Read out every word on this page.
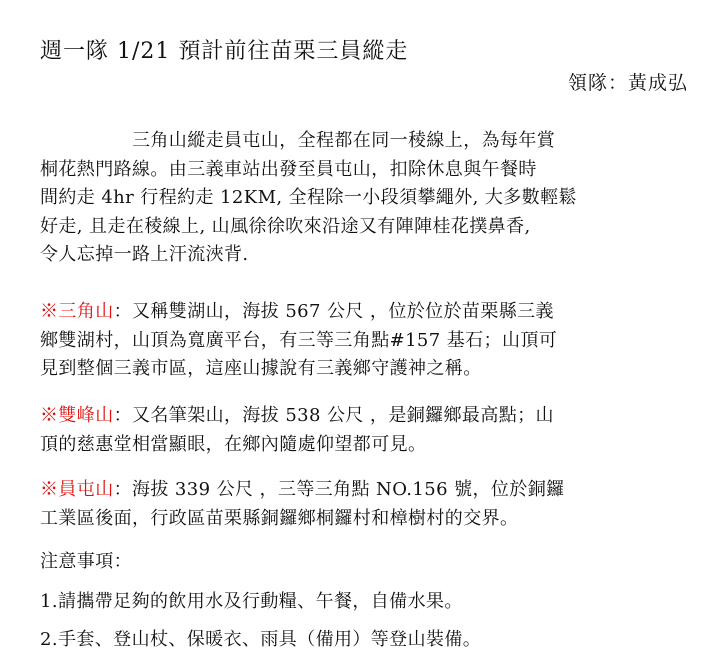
週一隊 1/21 預計前往苗栗三員縱走
領隊：黃成弘
三角山縱走員屯山，全程都在同一稜線上，為每年賞
桐花熱門路線。由三義車站出發至員屯山，扣除休息與午餐時
間約走 4hr 行程約走 12KM, 全程除一小段須攀繩外, 大多數輕鬆
好走, 且走在稜線上, 山風徐徐吹來沿途又有陣陣桂花撲鼻香,
令人忘掉一路上汗流浹背.
※三角山：又稱雙湖山，海拔 567 公尺 ，位於位於苗栗縣三義
鄉雙湖村，山頂為寬廣平台，有三等三角點#157 基石；山頂可
見到整個三義市區，這座山據說有三義鄉守護神之稱。
※雙峰山：又名筆架山，海拔 538 公尺 ，是銅鑼鄉最高點；山
頂的慈惠堂相當顯眼，在鄉內隨處仰望都可見。
※員屯山：海拔 339 公尺 ，三等三角點 NO.156 號，位於銅鑼
工業區後面，行政區苗栗縣銅鑼鄉桐鑼村和樟樹村的交界。
注意事項：
1.請攜帶足夠的飲用水及行動糧、午餐，自備水果。
2.手套、登山杖、保暖衣、雨具（備用）等登山裝備。
